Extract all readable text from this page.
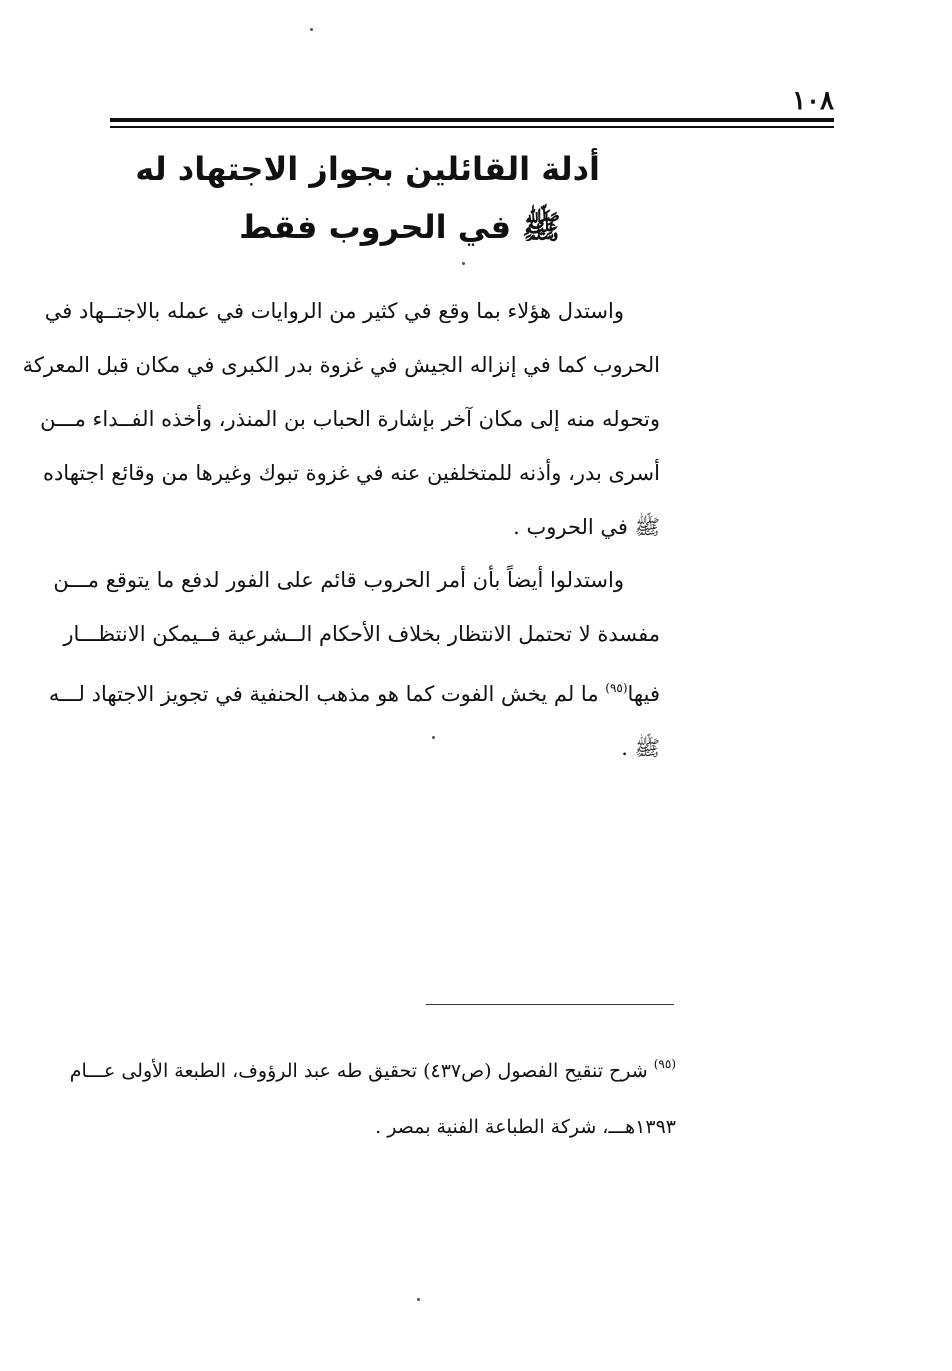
١٠٨
أدلة القائلين بجواز الاجتهاد له
ﷺ في الحروب فقط
واستدل هؤلاء بما وقع في كثير من الروايات في عمله بالاجتــهاد في
الحروب كما في إنزاله الجيش في غزوة بدر الكبرى في مكان قبل المعركة
وتحوله منه إلى مكان آخر بإشارة الحباب بن المنذر، وأخذه الفــداء مـــن
أسرى بدر، وأذنه للمتخلفين عنه في غزوة تبوك وغيرها من وقائع اجتهاده
ﷺ في الحروب .
واستدلوا أيضاً بأن أمر الحروب قائم على الفور لدفع ما يتوقع مـــن
مفسدة لا تحتمل الانتظار بخلاف الأحكام الــشرعية فــيمكن الانتظـــار
فيها$^{(٩٥)}$ ما لم يخش الفوت كما هو مذهب الحنفية في تجويز الاجتهاد لـــه
ﷺ .
$^{(٩٥)}$ شرح تنقيح الفصول (ص٤٣٧) تحقيق طه عبد الرؤوف، الطبعة الأولى عـــام
١٣٩٣هـــ، شركة الطباعة الفنية بمصر .
